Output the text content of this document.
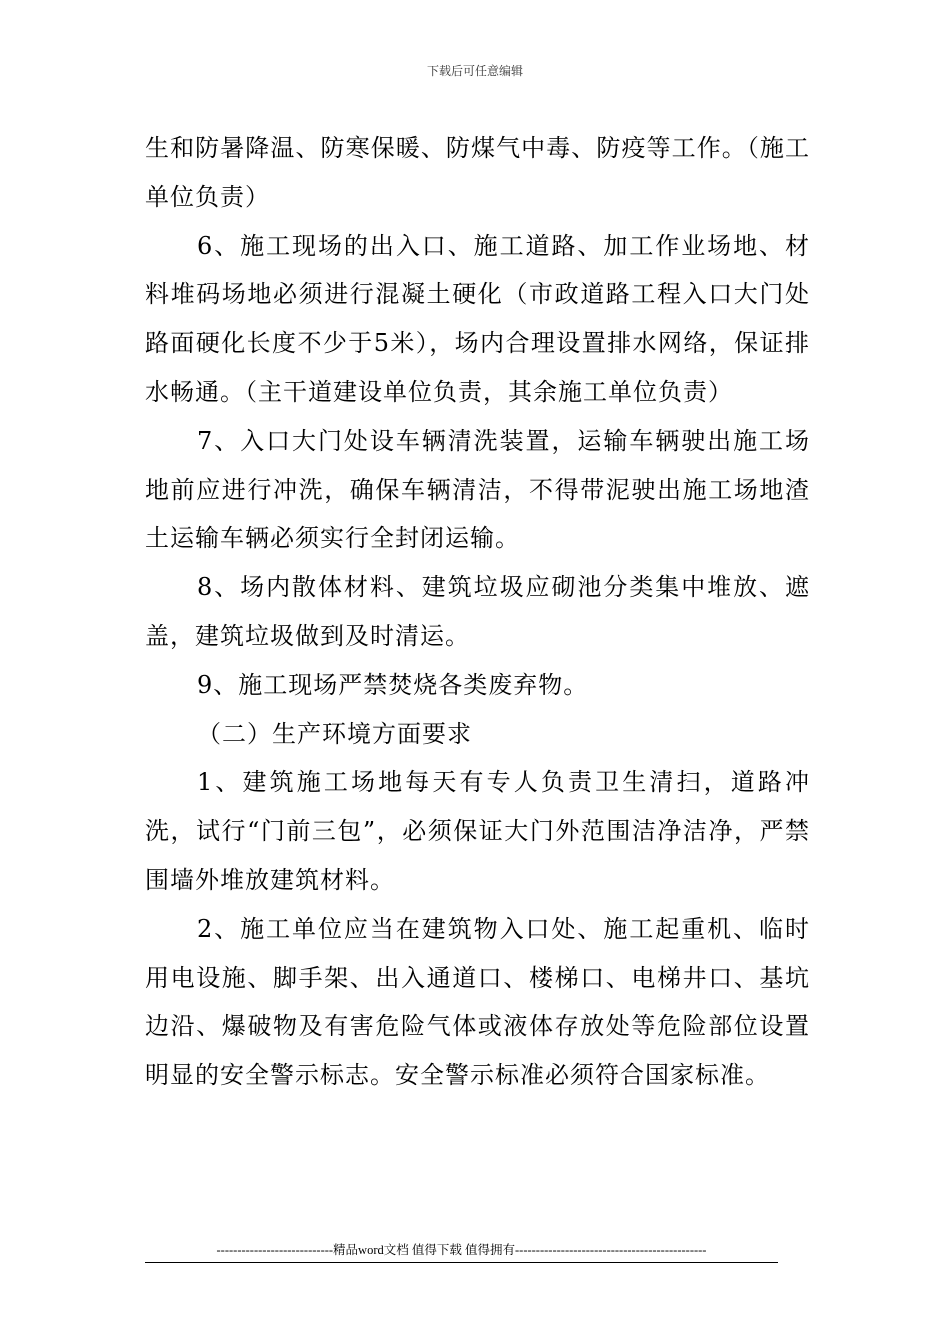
下载后可任意编辑

生和防暑降温、防寒保暖、防煤气中毒、防疫等工作。（施工单位负责）

6、施工现场的出入口、施工道路、加工作业场地、材料堆码场地必须进行混凝土硬化（市政道路工程入口大门处路面硬化长度不少于5米），场内合理设置排水网络，保证排水畅通。（主干道建设单位负责，其余施工单位负责）

7、入口大门处设车辆清洗装置，运输车辆驶出施工场地前应进行冲洗，确保车辆清洁，不得带泥驶出施工场地渣土运输车辆必须实行全封闭运输。

8、场内散体材料、建筑垃圾应砌池分类集中堆放、遮盖，建筑垃圾做到及时清运。

9、施工现场严禁焚烧各类废弃物。

（二）生产环境方面要求

1、建筑施工场地每天有专人负责卫生清扫，道路冲洗，试行“门前三包”，必须保证大门外范围洁净洁净，严禁围墙外堆放建筑材料。

2、施工单位应当在建筑物入口处、施工起重机、临时用电设施、脚手架、出入通道口、楼梯口、电梯井口、基坑边沿、爆破物及有害危险气体或液体存放处等危险部位设置明显的安全警示标志。安全警示标准必须符合国家标准。

----------------------------精品word文档 值得下载 值得拥有----------------------------------------------
